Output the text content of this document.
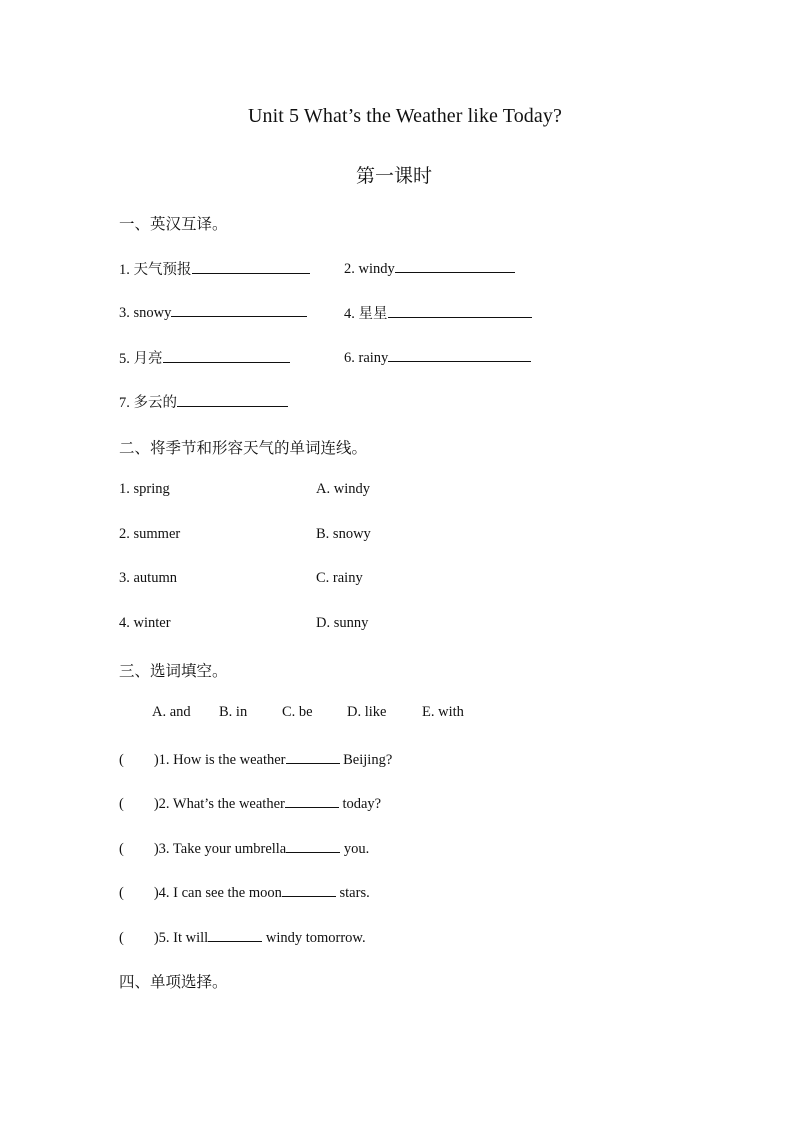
Unit 5 What’s the Weather like Today?
第一课时
一、英汉互译。
1. 天气预报	2. windy
3. snowy	4. 星星
5. 月亮	6. rainy
7. 多云的
二、将季节和形容天气的单词连线。
1. spring	A. windy
2. summer	B. snowy
3. autumn	C. rainy
4. winter	D. sunny
三、选词填空。
A. and B. in C. be D. like E. with
( )1. How is the weather	Beijing?
( )2. What’s the weather	today?
( )3. Take your umbrella	you.
( )4. I can see the moon	stars.
( )5. It will	windy tomorrow.
四、单项选择。
